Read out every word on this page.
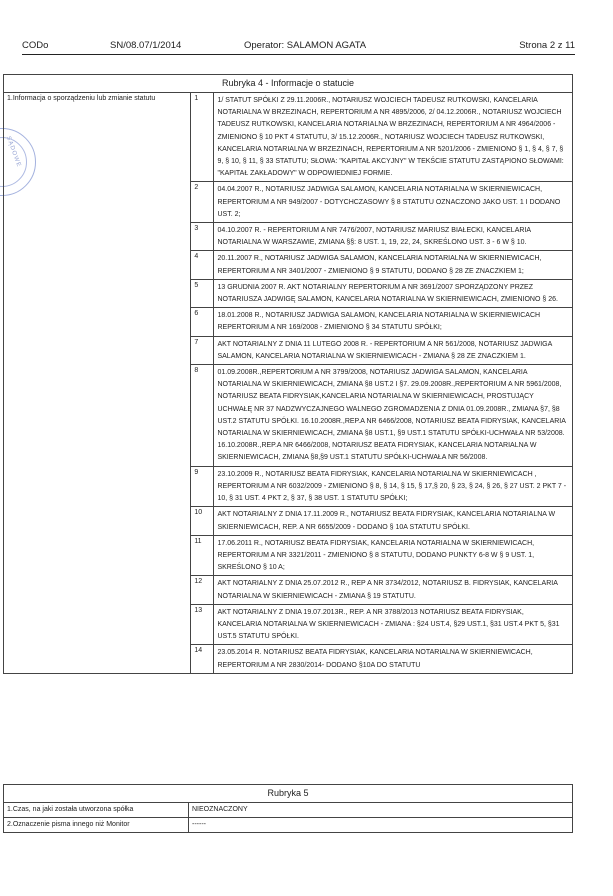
CODo	SN/08.07/1/2014	Operator: SALAMON AGATA	Strona 2 z 11
SĄDOWE
Rubryka 4 - Informacje o statucie		
1.Informacja o sporządzeniu lub zmianie statutu	1	1/ STATUT SPÓŁKI Z 29.11.2006R., NOTARIUSZ WOJCIECH TADEUSZ RUTKOWSKI, KANCELARIA NOTARIALNA W BRZEZINACH, REPERTORIUM A NR 4895/2006, 2/ 04.12.2006R., NOTARIUSZ WOJCIECH TADEUSZ RUTKOWSKI, KANCELARIA NOTARIALNA W BRZEZINACH, REPERTORIUM A NR 4964/2006 - ZMIENIONO § 10 PKT 4 STATUTU, 3/ 15.12.2006R., NOTARIUSZ WOJCIECH TADEUSZ RUTKOWSKI, KANCELARIA NOTARIALNA W BRZEZINACH, REPERTORIUM A NR 5201/2006 - ZMIENIONO § 1, § 4, § 7, § 9, § 10, § 11, § 33 STATUTU; SŁOWA: "KAPITAŁ AKCYJNY" W TEKŚCIE STATUTU ZASTĄPIONO SŁOWAMI: "KAPITAŁ ZAKŁADOWY" W ODPOWIEDNIEJ FORMIE.
	2	04.04.2007 R., NOTARIUSZ JADWIGA SALAMON, KANCELARIA NOTARIALNA W SKIERNIEWICACH, REPERTORIUM A NR 949/2007 - DOTYCHCZASOWY § 8 STATUTU OZNACZONO JAKO UST. 1 I DODANO UST. 2;
	3	04.10.2007 R. - REPERTORIUM A NR 7476/2007, NOTARIUSZ MARIUSZ BIAŁECKI, KANCELARIA NOTARIALNA W WARSZAWIE, ZMIANA §§: 8 UST. 1, 19, 22, 24, SKREŚLONO UST. 3 - 6 W § 10.
	4	20.11.2007 R., NOTARIUSZ JADWIGA SALAMON, KANCELARIA NOTARIALNA W SKIERNIEWICACH, REPERTORIUM A NR 3401/2007 - ZMIENIONO § 9 STATUTU, DODANO § 28 ZE ZNACZKIEM 1;
	5	13 GRUDNIA 2007 R. AKT NOTARIALNY REPERTORIUM A NR 3691/2007 SPORZĄDZONY PRZEZ NOTARIUSZA JADWIGĘ SALAMON, KANCELARIA NOTARIALNA W SKIERNIEWICACH, ZMIENIONO § 26.
	6	18.01.2008 R., NOTARIUSZ JADWIGA SALAMON, KANCELARIA NOTARIALNA W SKIERNIEWICACH REPERTORIUM A NR 169/2008 - ZMIENIONO § 34 STATUTU SPÓŁKI;
	7	AKT NOTARIALNY Z DNIA 11 LUTEGO 2008 R. - REPERTORIUM A NR 561/2008, NOTARIUSZ JADWIGA SALAMON, KANCELARIA NOTARIALNA W SKIERNIEWICACH - ZMIANA § 28 ZE ZNACZKIEM 1.
	8	01.09.2008R.,REPERTORIUM A NR 3799/2008, NOTARIUSZ JADWIGA SALAMON, KANCELARIA NOTARIALNA W SKIERNIEWICACH, ZMIANA §8 UST.2 I §7. 29.09.2008R.,REPERTORIUM A NR 5961/2008, NOTARIUSZ BEATA FIDRYSIAK,KANCELARIA NOTARIALNA W SKIERNIEWICACH, PROSTUJĄCY UCHWAŁĘ NR 37 NADZWYCZAJNEGO WALNEGO ZGROMADZENIA Z DNIA 01.09.2008R., ZMIANA §7, §8 UST.2 STATUTU SPÓŁKI. 16.10.2008R.,REP.A NR 6466/2008, NOTARIUSZ BEATA FIDRYSIAK, KANCELARIA NOTARIALNA W SKIERNIEWICACH, ZMIANA §8 UST.1, §9 UST.1 STATUTU SPÓŁKI-UCHWAŁA NR 53/2008. 16.10.2008R.,REP.A NR 6466/2008, NOTARIUSZ BEATA FIDRYSIAK, KANCELARIA NOTARIALNA W SKIERNIEWICACH, ZMIANA §8,§9 UST.1 STATUTU SPÓŁKI-UCHWAŁA NR 56/2008.
	9	23.10.2009 R., NOTARIUSZ BEATA FIDRYSIAK, KANCELARIA NOTARIALNA W SKIERNIEWICACH , REPERTORIUM A NR 6032/2009 - ZMIENIONO § 8, § 14, § 15, § 17,§ 20, § 23, § 24, § 26, § 27 UST. 2 PKT 7 - 10, § 31 UST. 4 PKT 2, § 37, § 38 UST. 1 STATUTU SPÓŁKI;
	10	AKT NOTARIALNY Z DNIA 17.11.2009 R., NOTARIUSZ BEATA FIDRYSIAK, KANCELARIA NOTARIALNA W SKIERNIEWICACH, REP. A NR 6655/2009 - DODANO § 10A STATUTU SPÓŁKI.
	11	17.06.2011 R., NOTARIUSZ BEATA FIDRYSIAK, KANCELARIA NOTARIALNA W SKIERNIEWICACH, REPERTORIUM A NR 3321/2011 - ZMIENIONO § 8 STATUTU, DODANO PUNKTY 6-8 W § 9 UST. 1, SKREŚLONO § 10 A;
	12	AKT NOTARIALNY Z DNIA 25.07.2012 R., REP A NR 3734/2012, NOTARIUSZ B. FIDRYSIAK, KANCELARIA NOTARIALNA W SKIERNIEWICACH - ZMIANA § 19 STATUTU.
	13	AKT NOTARIALNY Z DNIA 19.07.2013R., REP. A NR 3788/2013 NOTARIUSZ BEATA FIDRYSIAK, KANCELARIA NOTARIALNA W SKIERNIEWICACH - ZMIANA : §24 UST.4, §29 UST.1, §31 UST.4 PKT 5, §31 UST.5 STATUTU SPÓŁKI.
	14	23.05.2014 R. NOTARIUSZ BEATA FIDRYSIAK, KANCELARIA NOTARIALNA W SKIERNIEWICACH, REPERTORIUM A NR 2830/2014- DODANO §10A DO STATUTU
Rubryka 5	
1.Czas, na jaki została utworzona spółka	NIEOZNACZONY
2.Oznaczenie pisma innego niż Monitor	------
